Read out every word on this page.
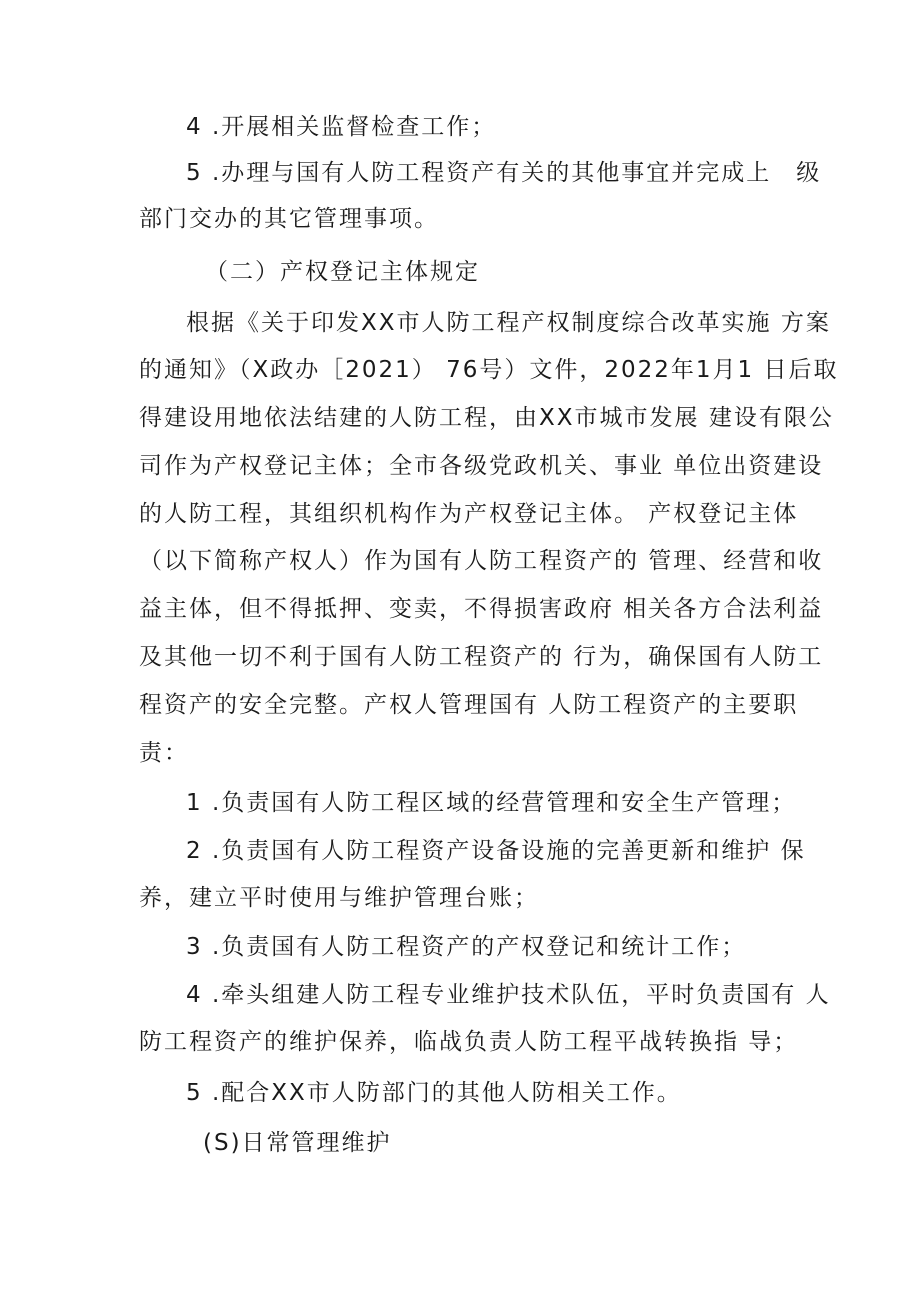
4 .开展相关监督检查工作；
5 .办理与国有人防工程资产有关的其他事宜并完成上　级
部门交办的其它管理事项。
（二）产权登记主体规定
根据《关于印发XX市人防工程产权制度综合改革实施 方案
的通知》（X政办［2021） 76号）文件，2022年1月1 日后取
得建设用地依法结建的人防工程，由XX市城市发展 建设有限公
司作为产权登记主体；全市各级党政机关、事业 单位出资建设
的人防工程，其组织机构作为产权登记主体。 产权登记主体
（以下简称产权人）作为国有人防工程资产的 管理、经营和收
益主体，但不得抵押、变卖，不得损害政府 相关各方合法利益
及其他一切不利于国有人防工程资产的 行为，确保国有人防工
程资产的安全完整。产权人管理国有 人防工程资产的主要职
责：
1 .负责国有人防工程区域的经营管理和安全生产管理；
2 .负责国有人防工程资产设备设施的完善更新和维护 保
养，建立平时使用与维护管理台账；
3 .负责国有人防工程资产的产权登记和统计工作；
4 .牵头组建人防工程专业维护技术队伍，平时负责国有 人
防工程资产的维护保养，临战负责人防工程平战转换指 导；
5 .配合XX市人防部门的其他人防相关工作。
(S)日常管理维护
